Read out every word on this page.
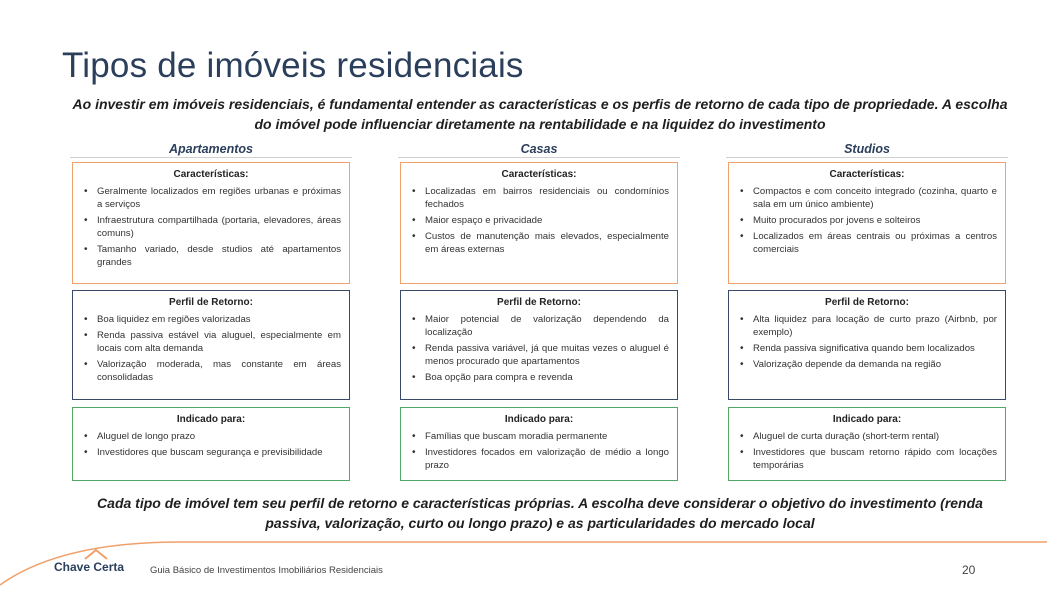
Tipos de imóveis residenciais

Ao investir em imóveis residenciais, é fundamental entender as características e os perfis de retorno de cada tipo de propriedade. A escolha do imóvel pode influenciar diretamente na rentabilidade e na liquidez do investimento

Apartamentos
Características:
• Geralmente localizados em regiões urbanas e próximas a serviços
• Infraestrutura compartilhada (portaria, elevadores, áreas comuns)
• Tamanho variado, desde studios até apartamentos grandes
Perfil de Retorno:
• Boa liquidez em regiões valorizadas
• Renda passiva estável via aluguel, especialmente em locais com alta demanda
• Valorização moderada, mas constante em áreas consolidadas
Indicado para:
• Aluguel de longo prazo
• Investidores que buscam segurança e previsibilidade
Casas
Características:
• Localizadas em bairros residenciais ou condomínios fechados
• Maior espaço e privacidade
• Custos de manutenção mais elevados, especialmente em áreas externas
Perfil de Retorno:
• Maior potencial de valorização dependendo da localização
• Renda passiva variável, já que muitas vezes o aluguel é menos procurado que apartamentos
• Boa opção para compra e revenda
Indicado para:
• Famílias que buscam moradia permanente
• Investidores focados em valorização de médio a longo prazo
Studios
Características:
• Compactos e com conceito integrado (cozinha, quarto e sala em um único ambiente)
• Muito procurados por jovens e solteiros
• Localizados em áreas centrais ou próximas a centros comerciais
Perfil de Retorno:
• Alta liquidez para locação de curto prazo (Airbnb, por exemplo)
• Renda passiva significativa quando bem localizados
• Valorização depende da demanda na região
Indicado para:
• Aluguel de curta duração (short-term rental)
• Investidores que buscam retorno rápido com locações temporárias

Cada tipo de imóvel tem seu perfil de retorno e características próprias. A escolha deve considerar o objetivo do investimento (renda passiva, valorização, curto ou longo prazo) e as particularidades do mercado local

Chave Certa	Guia Básico de Investimentos Imobiliários Residenciais	20
